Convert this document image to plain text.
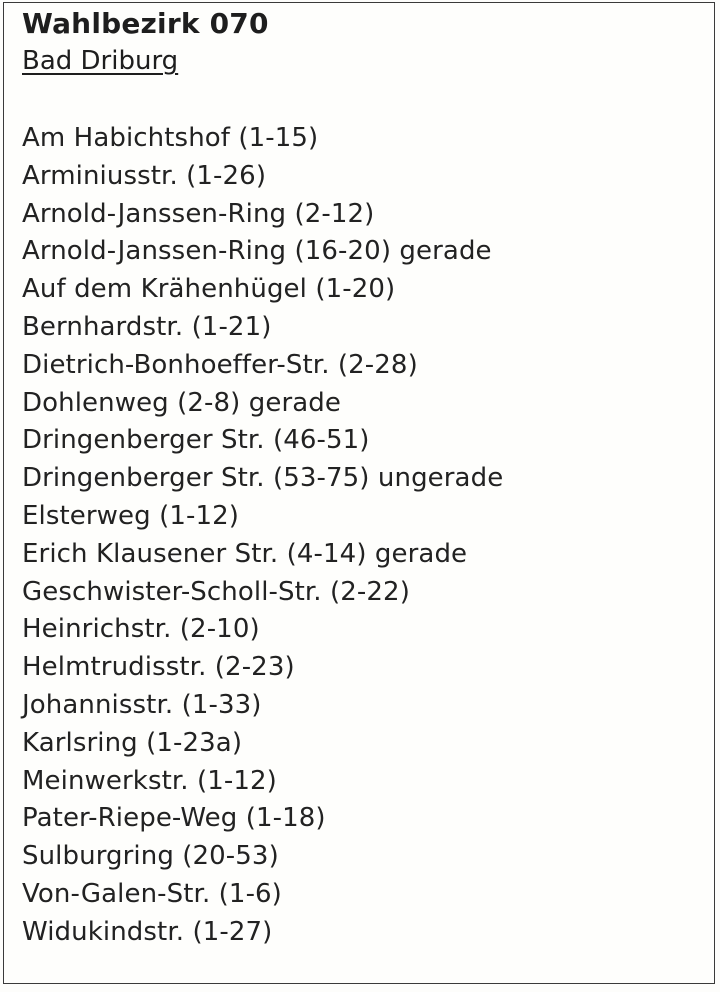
Wahlbezirk 070
Bad Driburg
Am Habichtshof (1-15)
Arminiusstr. (1-26)
Arnold-Janssen-Ring (2-12)
Arnold-Janssen-Ring (16-20) gerade
Auf dem Krähenhügel (1-20)
Bernhardstr. (1-21)
Dietrich-Bonhoeffer-Str. (2-28)
Dohlenweg (2-8) gerade
Dringenberger Str. (46-51)
Dringenberger Str. (53-75) ungerade
Elsterweg (1-12)
Erich Klausener Str. (4-14) gerade
Geschwister-Scholl-Str. (2-22)
Heinrichstr. (2-10)
Helmtrudisstr. (2-23)
Johannisstr. (1-33)
Karlsring (1-23a)
Meinwerkstr. (1-12)
Pater-Riepe-Weg (1-18)
Sulburgring (20-53)
Von-Galen-Str. (1-6)
Widukindstr. (1-27)
